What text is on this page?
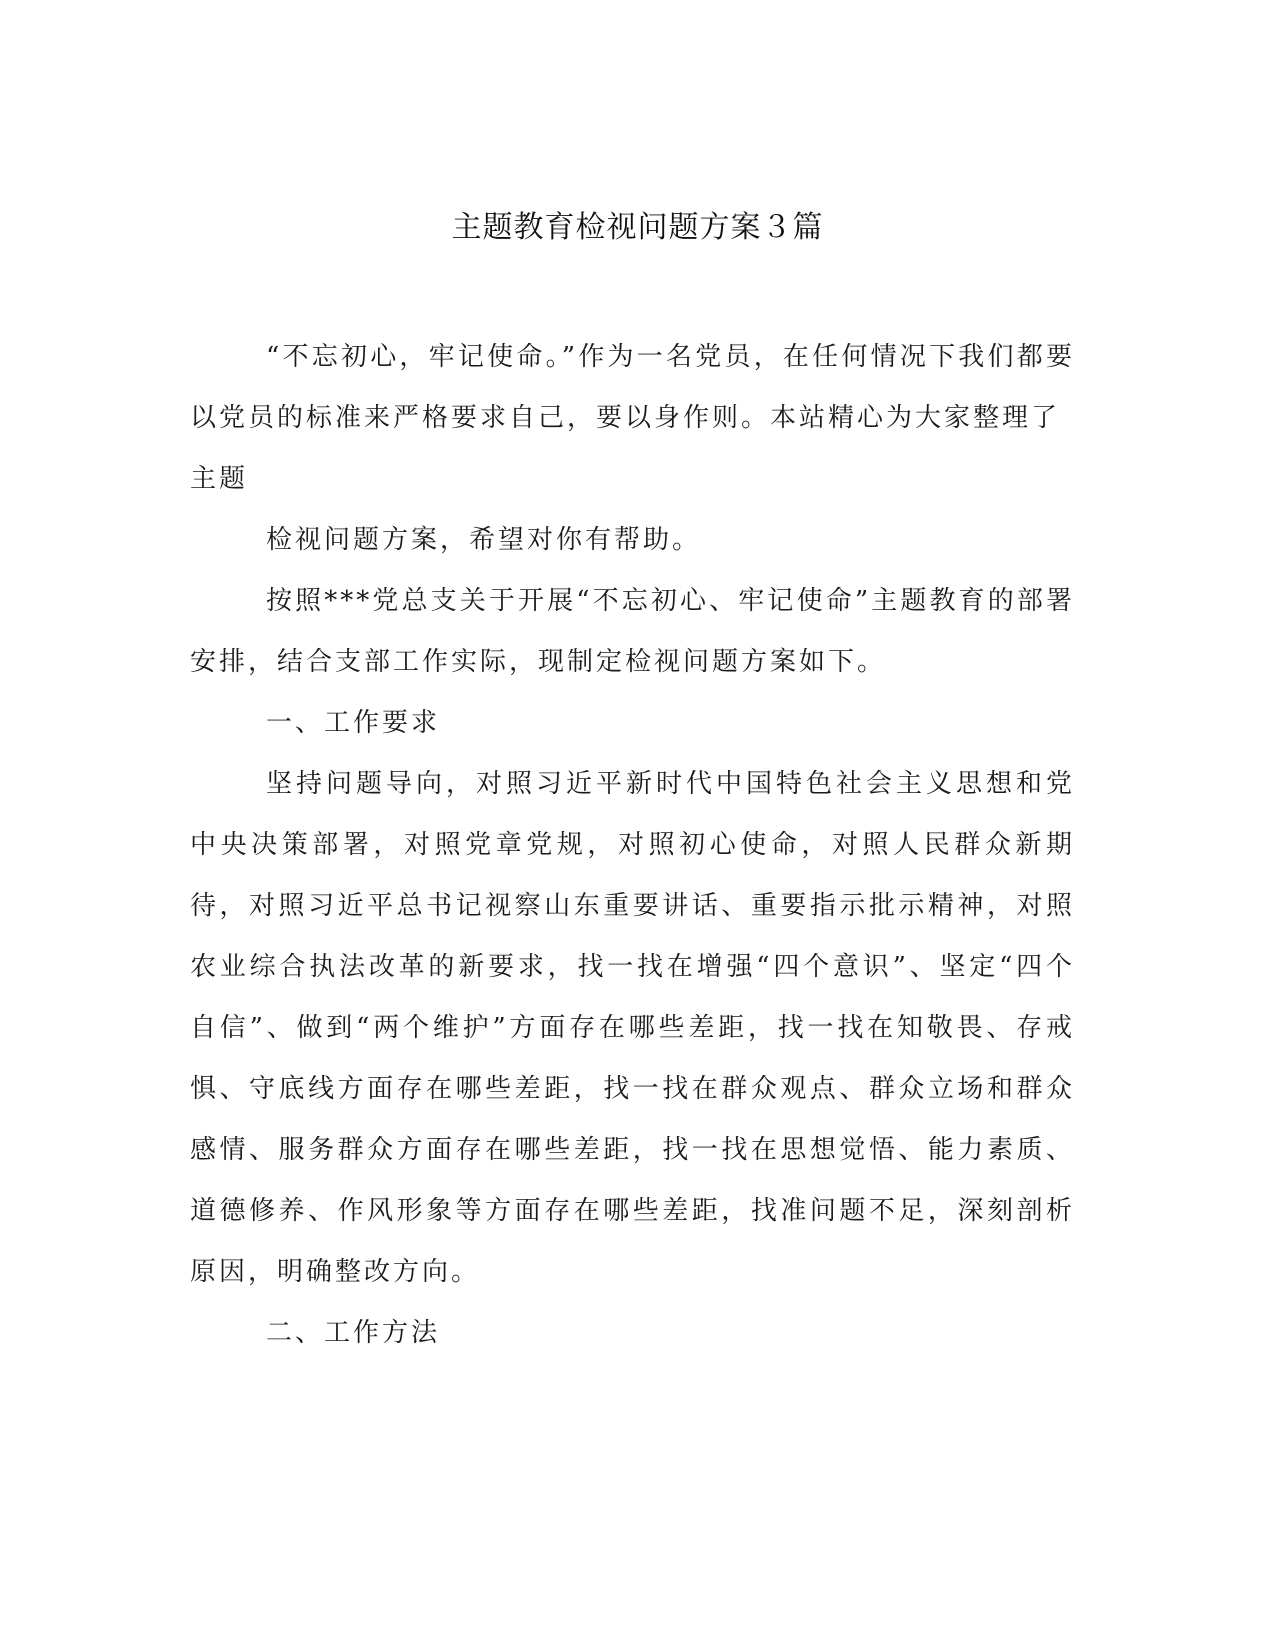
主题教育检视问题方案３篇

“不忘初心，牢记使命。”作为一名党员，在任何情况下我们都要以党员的标准来严格要求自己，要以身作则。本站精心为大家整理了

主题

检视问题方案，希望对你有帮助。

按照***党总支关于开展“不忘初心、牢记使命”主题教育的部署安排，结合支部工作实际，现制定检视问题方案如下。

一、工作要求

坚持问题导向，对照习近平新时代中国特色社会主义思想和党中央决策部署，对照党章党规，对照初心使命，对照人民群众新期待，对照习近平总书记视察山东重要讲话、重要指示批示精神，对照农业综合执法改革的新要求，找一找在增强“四个意识”、坚定“四个自信”、做到“两个维护”方面存在哪些差距，找一找在知敬畏、存戒惧、守底线方面存在哪些差距，找一找在群众观点、群众立场和群众感情、服务群众方面存在哪些差距，找一找在思想觉悟、能力素质、道德修养、作风形象等方面存在哪些差距，找准问题不足，深刻剖析原因，明确整改方向。

二、工作方法
